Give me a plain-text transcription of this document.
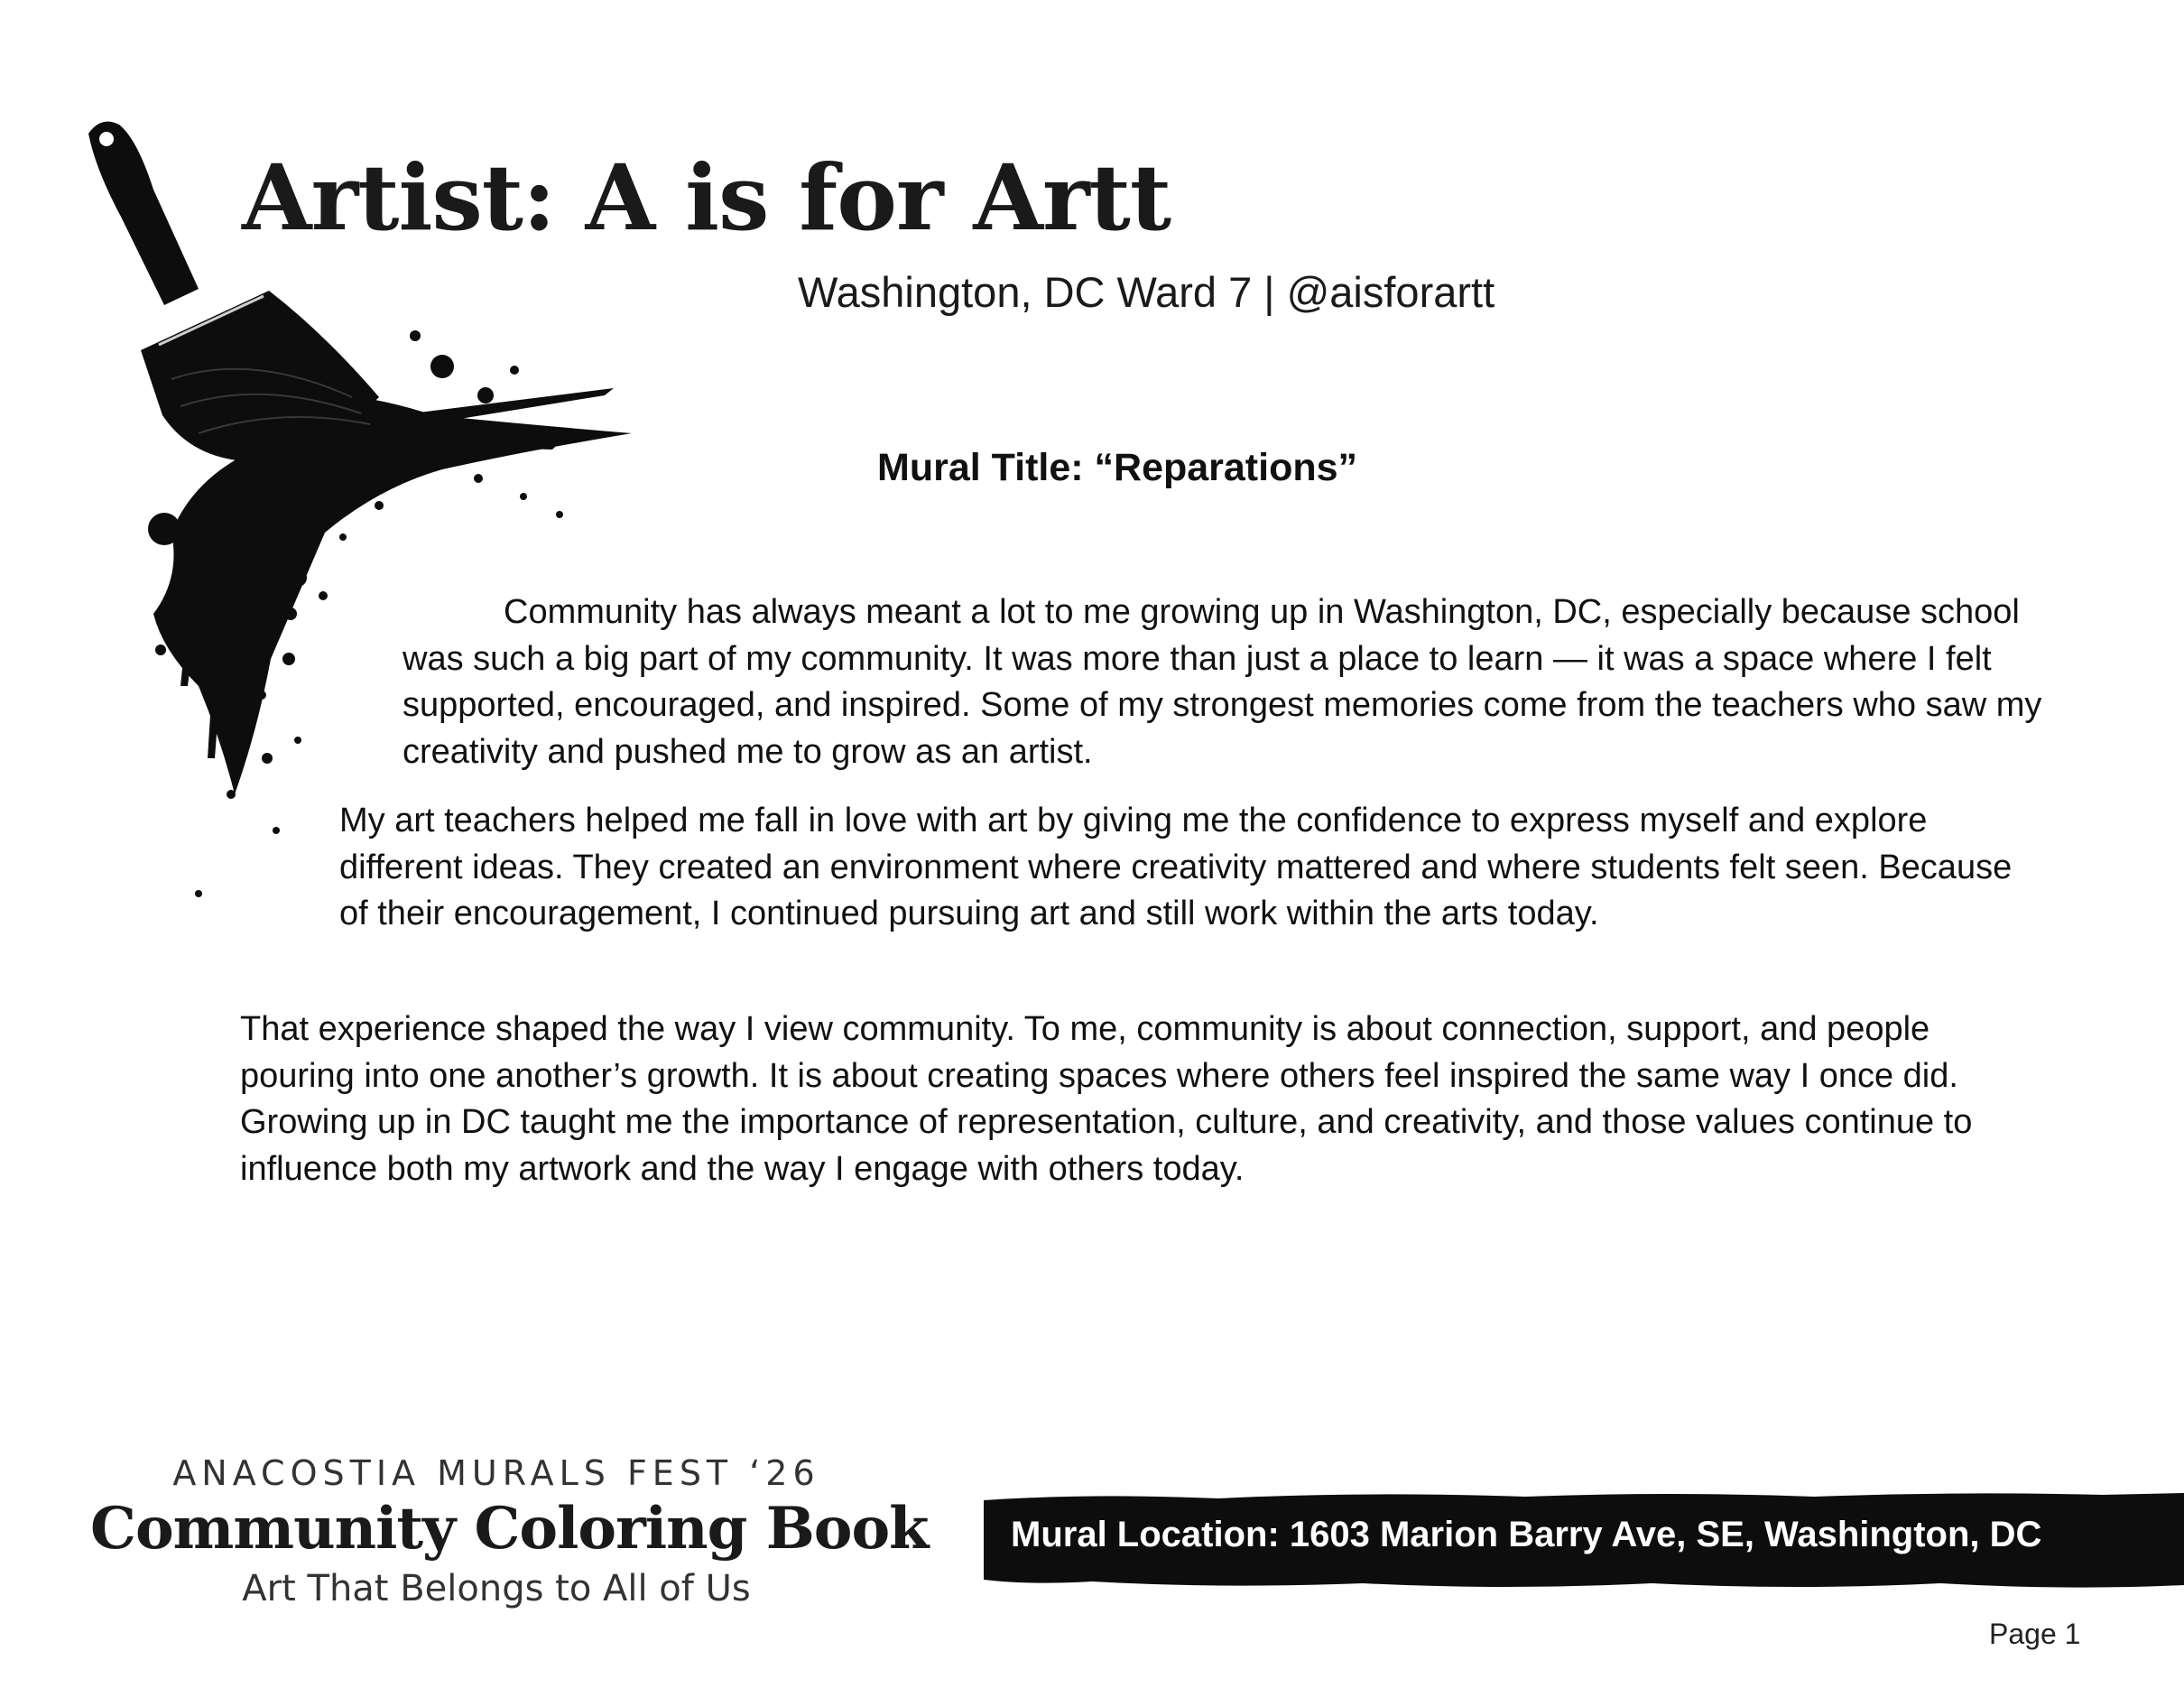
Artist: A is for Artt

Washington, DC Ward 7 | @aisforartt

Mural Title: “Reparations”

Community has always meant a lot to me growing up in Washington, DC, especially because school was such a big part of my community. It was more than just a place to learn — it was a space where I felt supported, encouraged, and inspired. Some of my strongest memories come from the teachers who saw my creativity and pushed me to grow as an artist.

My art teachers helped me fall in love with art by giving me the confidence to express myself and explore different ideas. They created an environment where creativity mattered and where students felt seen. Because of their encouragement, I continued pursuing art and still work within the arts today.

That experience shaped the way I view community. To me, community is about connection, support, and people pouring into one another’s growth. It is about creating spaces where others feel inspired the same way I once did. Growing up in DC taught me the importance of representation, culture, and creativity, and those values continue to influence both my artwork and the way I engage with others today.

ANACOSTIA MURALS FEST ‘26
Community Coloring Book
Art That Belongs to All of Us

Mural Location: 1603 Marion Barry Ave, SE, Washington, DC

Page 1
